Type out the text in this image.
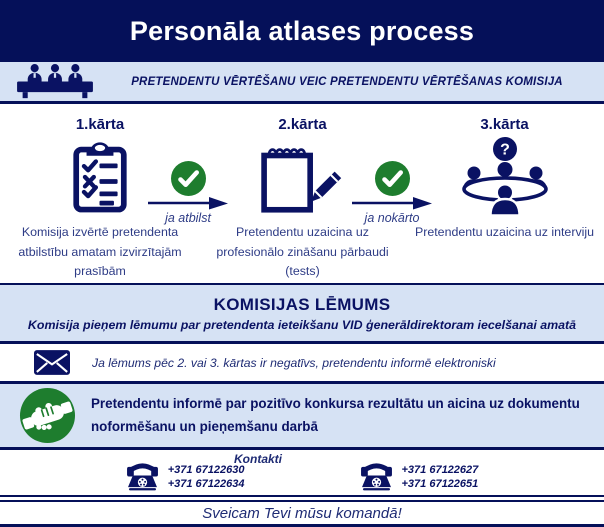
Personāla atlases process
PRETENDENTU VĒRTĒŠANU VEIC PRETENDENTU VĒRTĒŠANAS KOMISIJA
1.kārta
Komisija izvērtē pretendenta atbilstību amatam izvirzītajām prasībām
2.kārta
Pretendentu uzaicina uz profesionālo zināšanu pārbaudi (tests)
3.kārta
?
Pretendentu uzaicina uz interviju
ja atbilst	ja nokārto
KOMISIJAS LĒMUMS
Komisija pieņem lēmumu par pretendenta ieteikšanu VID ģenerāldirektoram iecelšanai amatā
Ja lēmums pēc 2. vai 3. kārtas ir negatīvs, pretendentu informē elektroniski
Pretendentu informē par pozitīvo konkursa rezultātu un aicina uz dokumentu noformēšanu un pieņemšanu darbā
Kontakti
+371 67122630
+371 67122634
+371 67122627
+371 67122651
Sveicam Tevi mūsu komandā!
